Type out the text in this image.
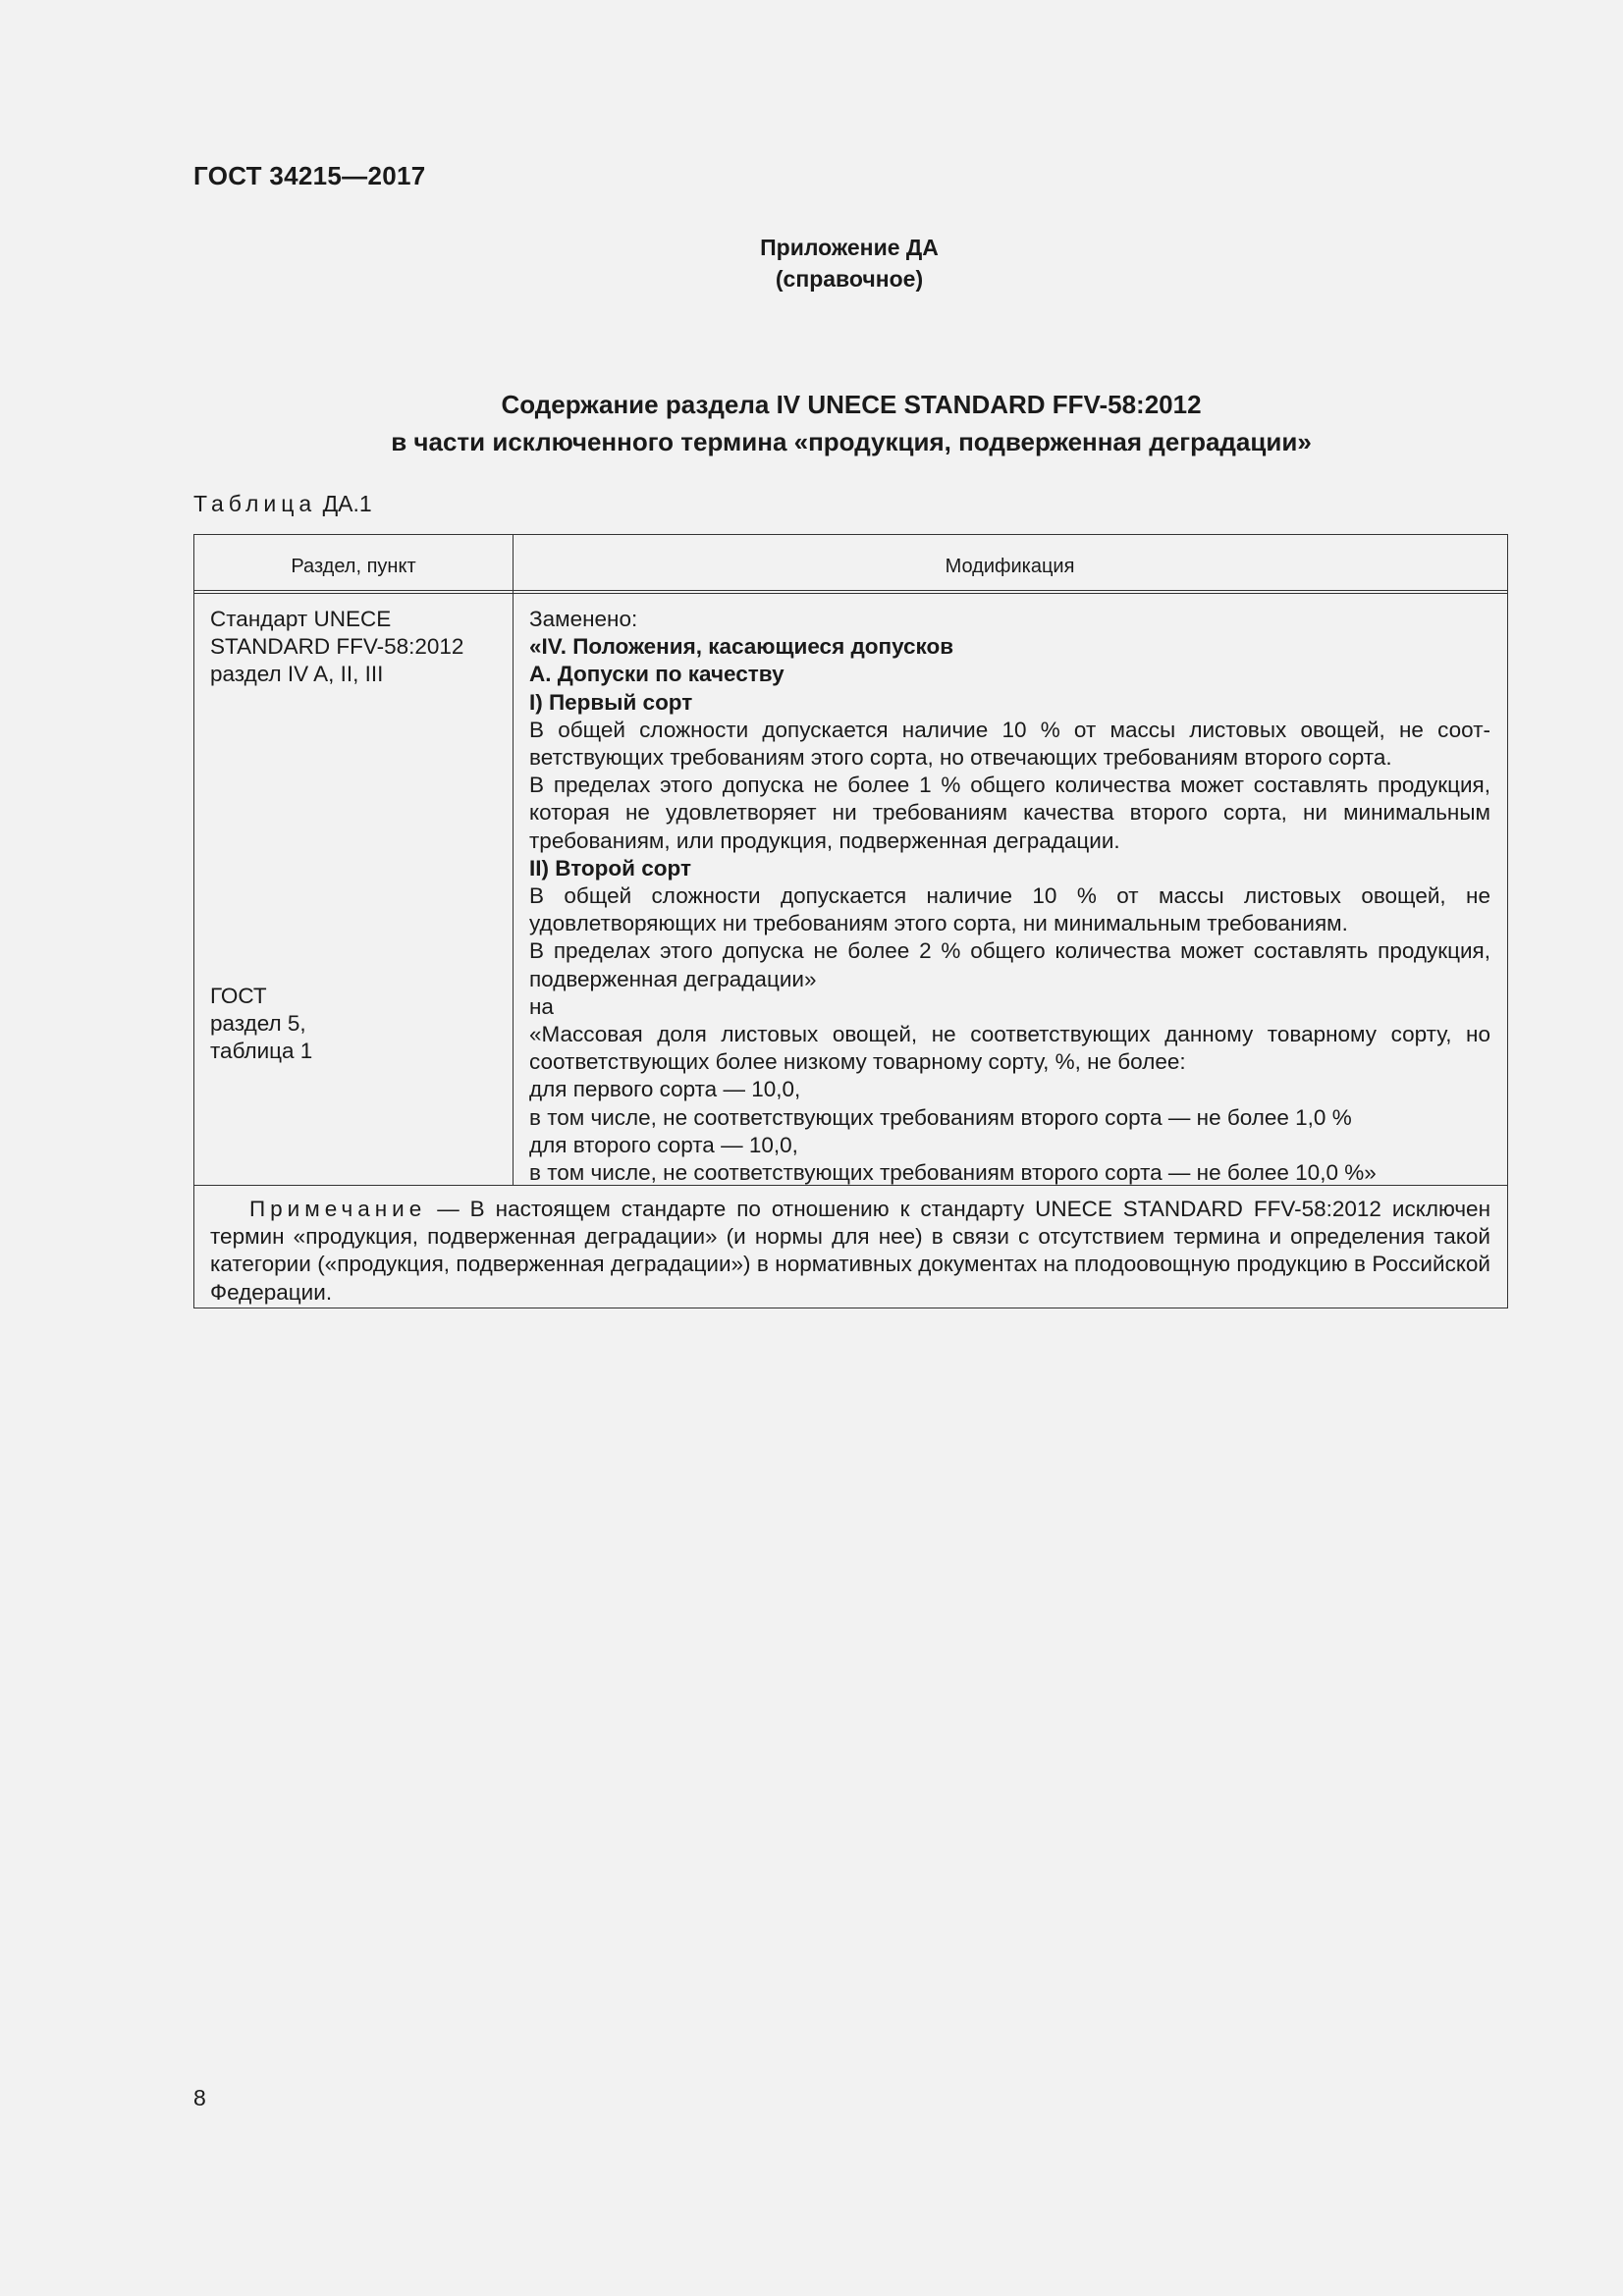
ГОСТ 34215—2017
Приложение ДА
(справочное)
Содержание раздела IV UNECE STANDARD FFV-58:2012
в части исключенного термина «продукция, подверженная деградации»
Таблица ДА.1
Раздел, пункт	Модификация
Стандарт UNECE
STANDARD FFV-58:2012
раздел IV A, II, III
ГОСТ
раздел 5,
таблица 1

Заменено:

«IV. Положения, касающиеся допусков

A. Допуски по качеству

I) Первый сорт

В общей сложности допускается наличие 10 % от массы листовых овощей, не соответствующих требованиям этого сорта, но отвечающих требованиям второго сорта.

В пределах этого допуска не более 1 % общего количества может составлять продукция, которая не удовлетворяет ни требованиям качества второго сорта, ни минимальным требованиям, или продукция, подверженная деградации.

II) Второй сорт

В общей сложности допускается наличие 10 % от массы листовых овощей, не удовлетворяющих ни требованиям этого сорта, ни минимальным требованиям.

В пределах этого допуска не более 2 % общего количества может составлять продукция, подверженная деградации»

на

«Массовая доля листовых овощей, не соответствующих данному товарному сорту, но соответствующих более низкому товарному сорту, %, не более:

для первого сорта — 10,0,

в том числе, не соответствующих требованиям второго сорта — не более 1,0 %

для второго сорта — 10,0,

в том числе, не соответствующих требованиям второго сорта — не более 10,0 %»

Примечание — В настоящем стандарте по отношению к стандарту UNECE STANDARD FFV-58:2012 исключен термин «продукция, подверженная деградации» (и нормы для нее) в связи с отсутствием термина и определения такой категории («продукция, подверженная деградации») в нормативных документах на плодоовощную продукцию в Российской Федерации.

8
